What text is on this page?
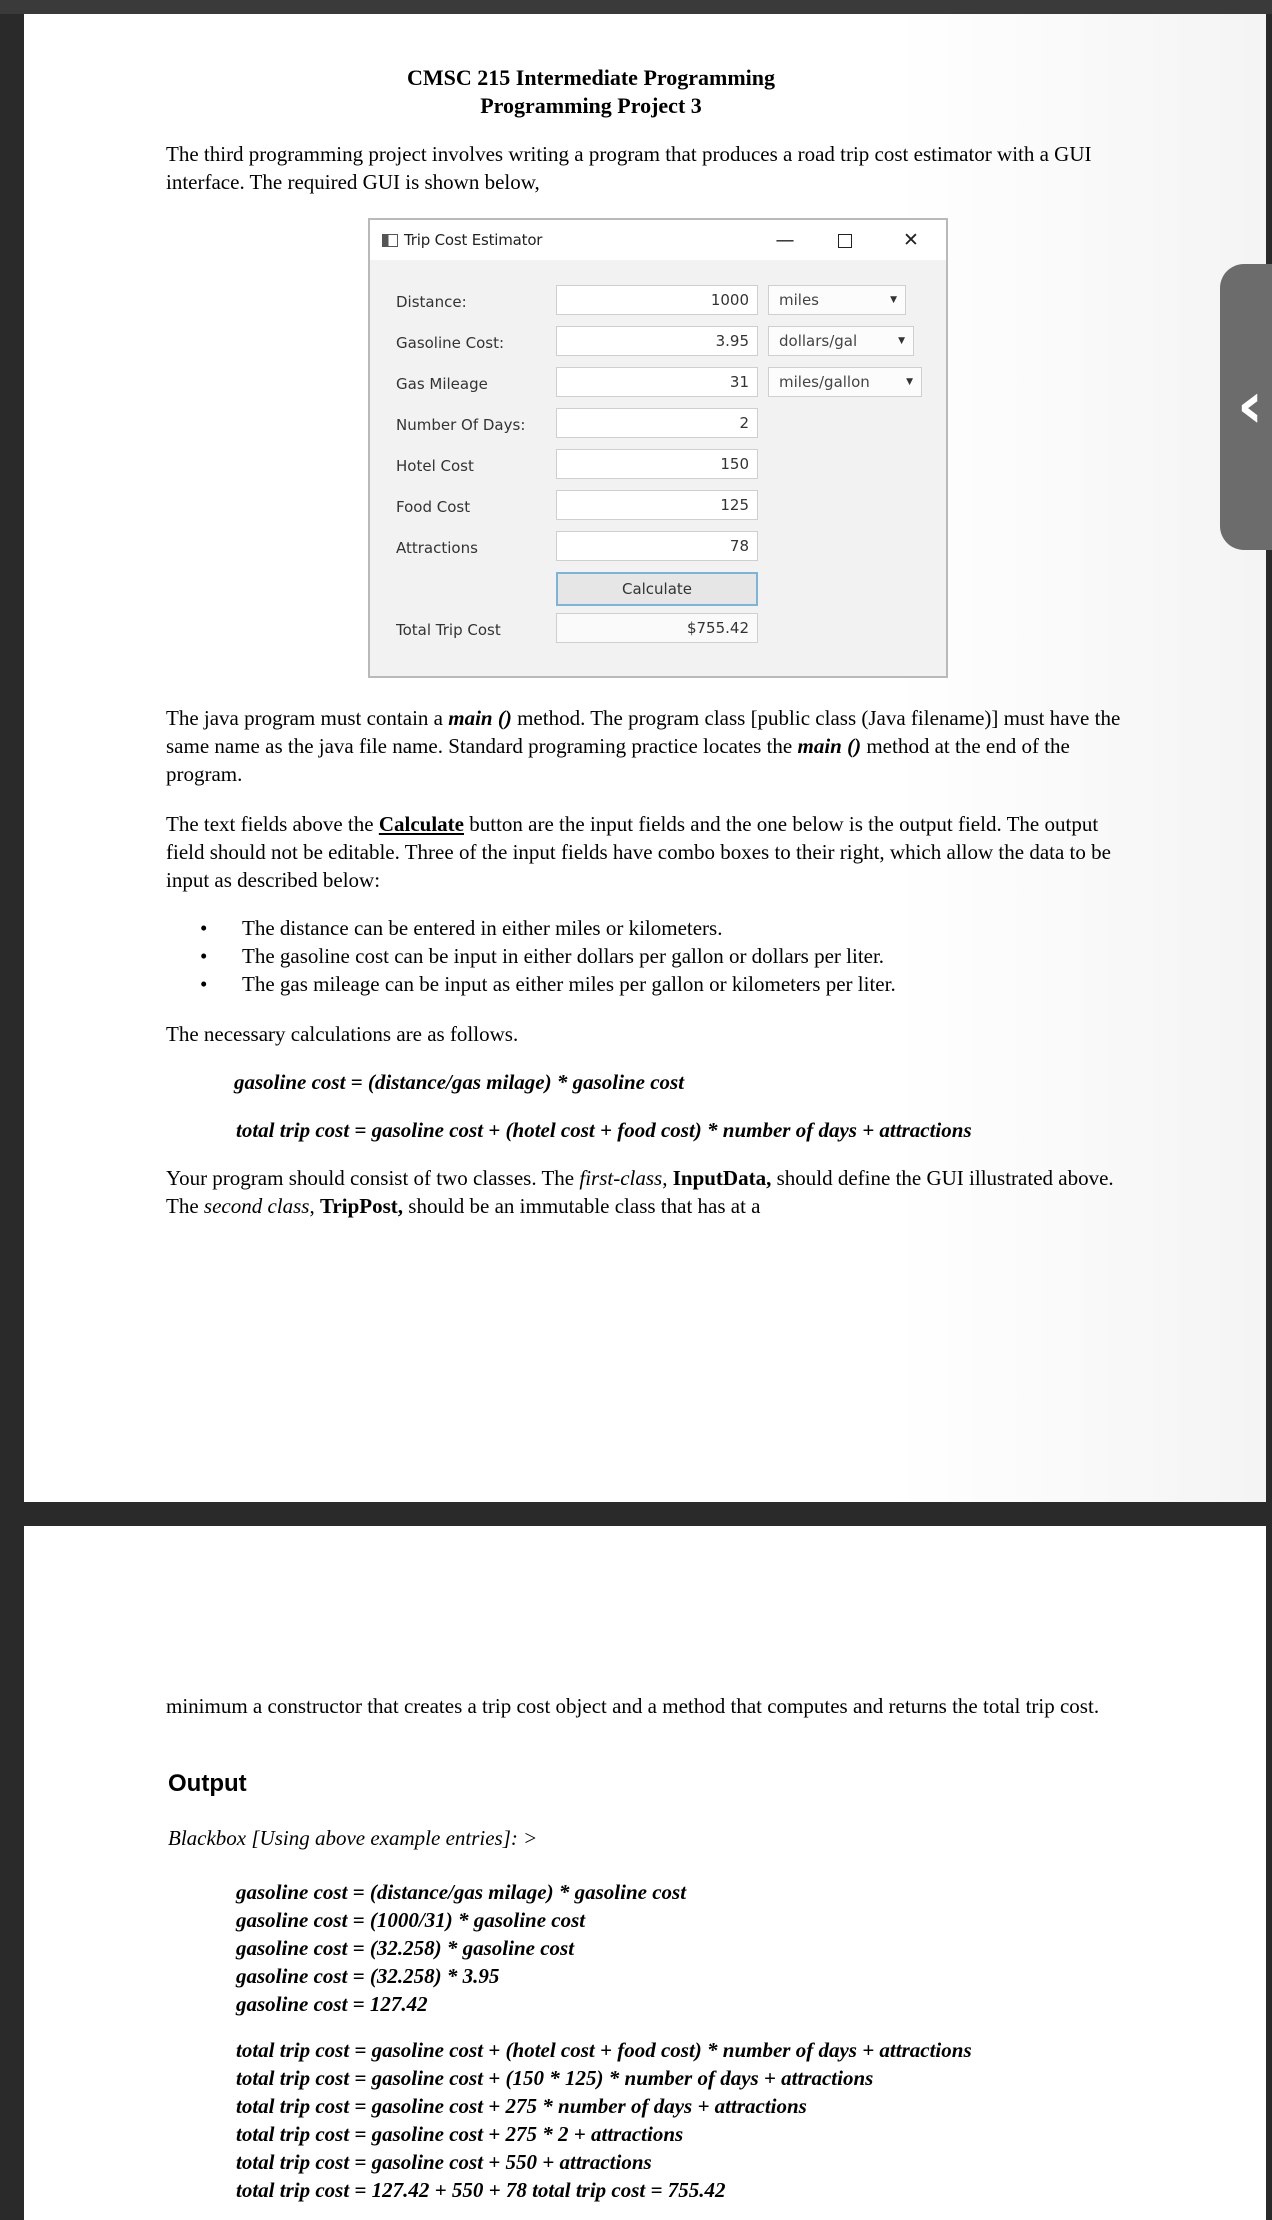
CMSC 215 Intermediate Programming
Programming Project 3

The third programming project involves writing a program that produces a road trip cost estimator with a GUI interface. The required GUI is shown below,

Trip Cost Estimator	—	✕
Distance:	1000	miles	▼
Gasoline Cost:	3.95	dollars/gal	▼
Gas Mileage	31	miles/gallon	▼
Number Of Days:	2
Hotel Cost	150
Food Cost	125
Attractions	78
Calculate
Total Trip Cost	$755.42

The java program must contain a main () method. The program class [public class (Java filename)] must have the same name as the java file name. Standard programing practice locates the main () method at the end of the program.

The text fields above the Calculate button are the input fields and the one below is the output field. The output field should not be editable. Three of the input fields have combo boxes to their right, which allow the data to be input as described below:

• The distance can be entered in either miles or kilometers.
• The gasoline cost can be input in either dollars per gallon or dollars per liter.
• The gas mileage can be input as either miles per gallon or kilometers per liter.

The necessary calculations are as follows.

gasoline cost = (distance/gas milage) * gasoline cost
total trip cost = gasoline cost + (hotel cost + food cost) * number of days + attractions

Your program should consist of two classes. The first-class, InputData, should define the GUI illustrated above. The second class, TripPost, should be an immutable class that has at a

minimum a constructor that creates a trip cost object and a method that computes and returns the total trip cost.

Output
Blackbox [Using above example entries]: >
gasoline cost = (distance/gas milage) * gasoline cost
gasoline cost = (1000/31) * gasoline cost
gasoline cost = (32.258) * gasoline cost
gasoline cost = (32.258) * 3.95
gasoline cost = 127.42
total trip cost = gasoline cost + (hotel cost + food cost) * number of days + attractions
total trip cost = gasoline cost + (150 * 125) * number of days + attractions
total trip cost = gasoline cost + 275 * number of days + attractions
total trip cost = gasoline cost + 275 * 2 + attractions
total trip cost = gasoline cost + 550 + attractions
total trip cost = 127.42 + 550 + 78 total trip cost = 755.42
‹
